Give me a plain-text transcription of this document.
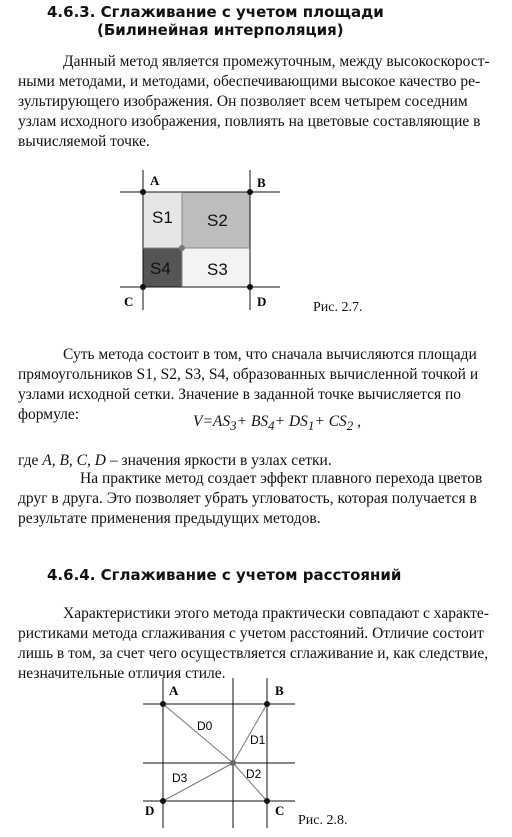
4.6.3. Сглаживание с учетом площади
(Билинейная интерполяция)
Данный метод является промежуточным, между высокоскорост-
ными методами, и методами, обеспечивающими высокое качество ре-
зультирующего изображения. Он позволяет всем четырем соседним
узлам исходного изображения, повлиять на цветовые составляющие в
вычисляемой точке.
A	B
C	D
S1 S2
S3
S4
Рис. 2.7.
Суть метода состоит в том, что сначала вычисляются площади
прямоугольников S1, S2, S3, S4, образованных вычисленной точкой и
узлами исходной сетки. Значение в заданной точке вычисляется по
формуле:	$V=AS_3+ BS_4+ DS_1+ CS_2$ ,
где A, B, C, D – значения яркости в узлах сетки.
На практике метод создает эффект плавного перехода цветов
друг в друга. Это позволяет убрать угловатость, которая получается в
результате применения предыдущих методов.
4.6.4. Сглаживание с учетом расстояний
Характеристики этого метода практически совпадают с характе-
ристиками метода сглаживания с учетом расстояний. Отличие состоит
лишь в том, за счет чего осуществляется сглаживание и, как следствие,
незначительные отличия стиле.
A	B
D	C
D0
D1
D2
D3
Рис. 2.8.
